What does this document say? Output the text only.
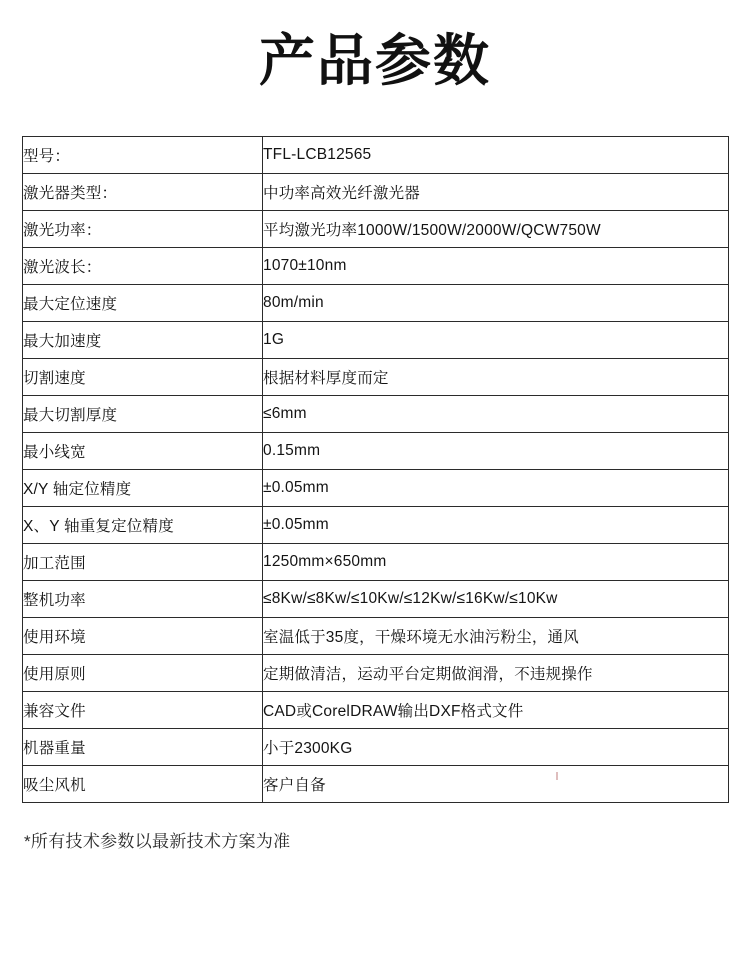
产品参数
型号：	TFL-LCB12565
激光器类型：	中功率高效光纤激光器
激光功率：	平均激光功率1000W/1500W/2000W/QCW750W
激光波长：	1070±10nm
最大定位速度	80m/min
最大加速度	1G
切割速度	根据材料厚度而定
最大切割厚度	≤6mm
最小线宽	0.15mm
X/Y 轴定位精度	±0.05mm
X、Y 轴重复定位精度	±0.05mm
加工范围	1250mm×650mm
整机功率	≤8Kw/≤8Kw/≤10Kw/≤12Kw/≤16Kw/≤10Kw
使用环境	室温低于35度，干燥环境无水油污粉尘，通风
使用原则	定期做清洁，运动平台定期做润滑，不违规操作
兼容文件	CAD或CorelDRAW输出DXF格式文件
机器重量	小于2300KG
吸尘风机	客户自备
*所有技术参数以最新技术方案为准
